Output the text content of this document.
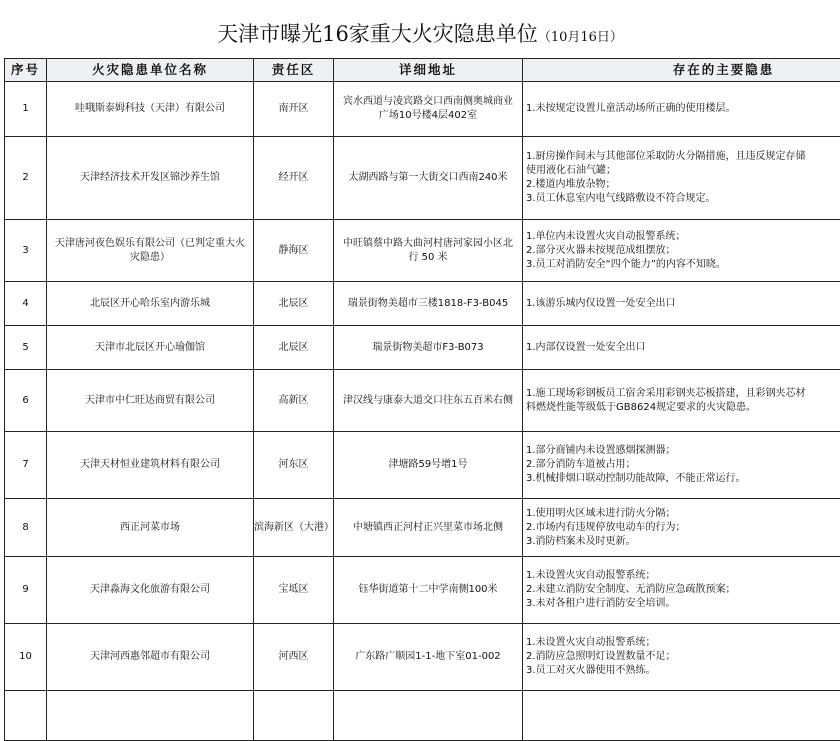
天津市曝光16家重大火灾隐患单位（10月16日）
序号	火灾隐患单位名称	责任区	详细地址	存在的主要隐患
1	哇哦斯泰姆科技（天津）有限公司	南开区	宾水西道与凌宾路交口西南侧奥城商业广场10号楼4层402室	1.未按规定设置儿童活动场所正确的使用楼层。

2	天津经济技术开发区锦沙养生馆	经开区	太湖西路与第一大街交口西南240米	1.厨房操作间未与其他部位采取防火分隔措施，且违反规定存储
使用液化石油气罐；
2.楼道内堆放杂物；
3.员工休息室内电气线路敷设不符合规定。

3	天津唐河夜色娱乐有限公司（已判定重大火灾隐患）	静海区	中旺镇蔡中路大曲河村唐河家园小区北行 50 米	1.单位内未设置火灾自动报警系统；
2.部分灭火器未按规范成组摆放；
3.员工对消防安全“四个能力”的内容不知晓。

4	北辰区开心哈乐室内游乐城	北辰区	瑞景街物美超市三楼1818-F3-B045	1.该游乐城内仅设置一处安全出口

5	天津市北辰区开心瑜伽馆	北辰区	瑞景街物美超市F3-B073	1.内部仅设置一处安全出口

6	天津市中仁旺达商贸有限公司	高新区	津汉线与康泰大道交口往东五百米右侧	1.施工现场彩钢板员工宿舍采用彩钢夹芯板搭建，且彩钢夹芯材
料燃烧性能等级低于GB8624规定要求的火灾隐患。

7	天津天材恒业建筑材料有限公司	河东区	津塘路59号增1号	1.部分商铺内未设置感烟探测器；
2.部分消防车道被占用；
3.机械排烟口联动控制功能故障，不能正常运行。

8	西正河菜市场	滨海新区（大港）	中塘镇西正河村正兴里菜市场北侧	1.使用明火区域未进行防火分隔；
2.市场内有违规停放电动车的行为；
3.消防档案未及时更新。

9	天津淼海文化旅游有限公司	宝坻区	钰华街道第十二中学南侧100米	1.未设置火灾自动报警系统；
2.未建立消防安全制度、无消防应急疏散预案；
3.未对各租户进行消防安全培训。

10	天津河西惠邻超市有限公司	河西区	广东路广顺园1-1-地下室01-002	1.未设置火灾自动报警系统；
2.消防应急照明灯设置数量不足；
3.员工对灭火器使用不熟练。
